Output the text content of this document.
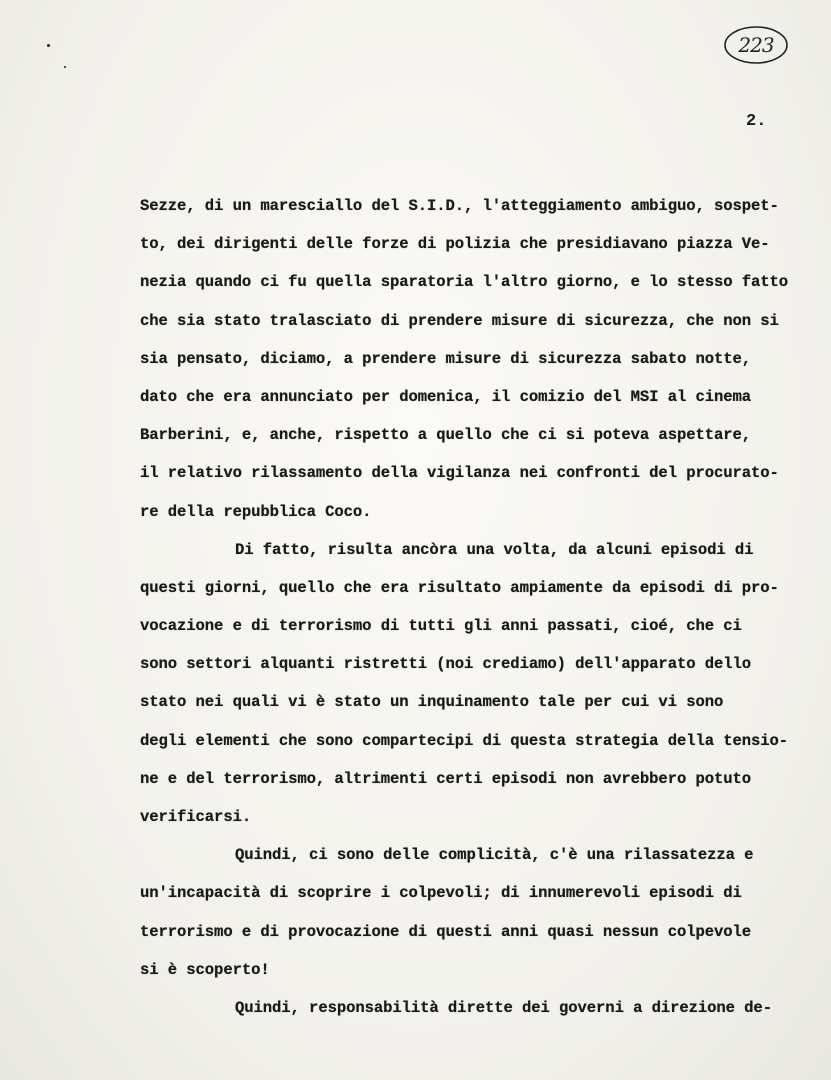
223
2.
Sezze, di un maresciallo del S.I.D., l'atteggiamento ambiguo, sospet-
to, dei dirigenti delle forze di polizia che presidiavano piazza Ve-
nezia quando ci fu quella sparatoria l'altro giorno, e lo stesso fatto
che sia stato tralasciato di prendere misure di sicurezza, che non si
sia pensato, diciamo, a prendere misure di sicurezza sabato notte,
dato che era annunciato per domenica, il comizio del MSI al cinema
Barberini, e, anche, rispetto a quello che ci si poteva aspettare,
il relativo rilassamento della vigilanza nei confronti del procurato-
re della repubblica Coco.
Di fatto, risulta ancòra una volta, da alcuni episodi di
questi giorni, quello che era risultato ampiamente da episodi di pro-
vocazione e di terrorismo di tutti gli anni passati, cioé, che ci
sono settori alquanti ristretti (noi crediamo) dell'apparato dello
stato nei quali vi è stato un inquinamento tale per cui vi sono
degli elementi che sono compartecipi di questa strategia della tensio-
ne e del terrorismo, altrimenti certi episodi non avrebbero potuto
verificarsi.
Quindi, ci sono delle complicità, c'è una rilassatezza e
un'incapacità di scoprire i colpevoli; di innumerevoli episodi di
terrorismo e di provocazione di questi anni quasi nessun colpevole
si è scoperto!
Quindi, responsabilità dirette dei governi a direzione de-
